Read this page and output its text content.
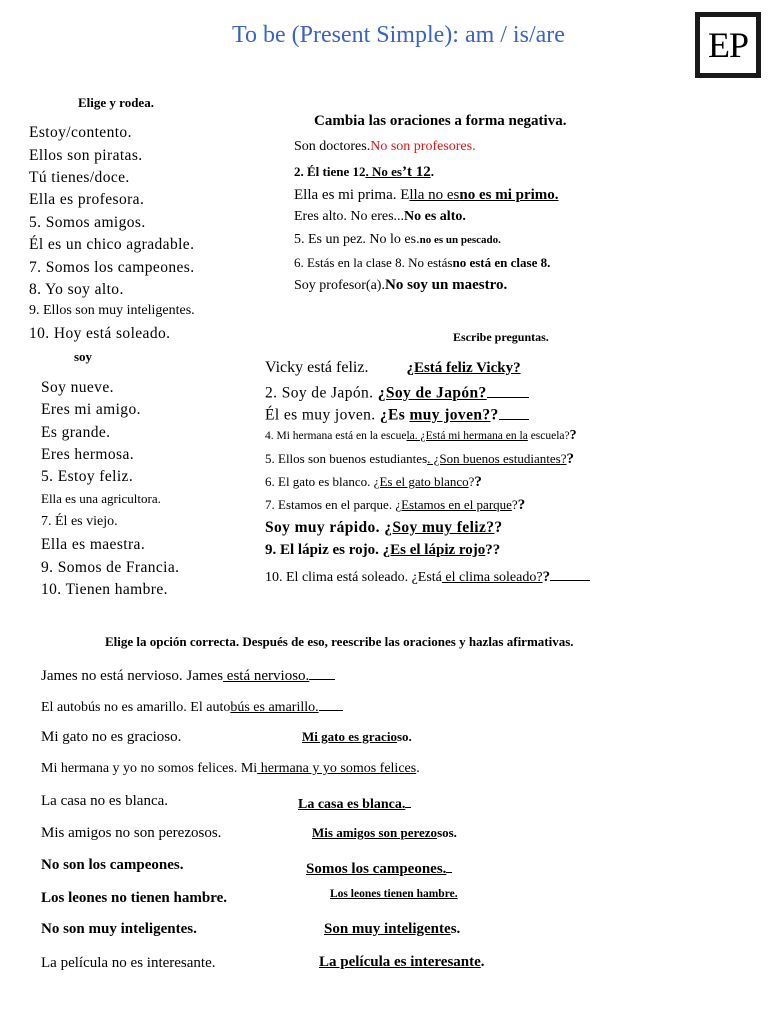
To be (Present Simple): am / is/are	EP
Elige y rodea.
Estoy/contento.
Ellos son piratas.
Tú tienes/doce.
Ella es profesora.
5. Somos amigos.
Él es un chico agradable.
7. Somos los campeones.
8. Yo soy alto.
9. Ellos son muy inteligentes.
10. Hoy está soleado.
soy
Soy nueve.
Eres mi amigo.
Es grande.
Eres hermosa.
5. Estoy feliz.
Ella es una agricultora.
7. Él es viejo.
Ella es maestra.
9. Somos de Francia.
10. Tienen hambre.
Cambia las oraciones a forma negativa.
Son doctores.No son profesores.
2. Él tiene 12. No es’t 12.
Ella es mi prima. Ella no esno es mi primo.
Eres alto. No eres...No es alto.
5. Es un pez. No lo es.no es un pescado.
6. Estás en la clase 8. No estásno está en clase 8.
Soy profesor(a).No soy un maestro.
Escribe preguntas.
Vicky está feliz.	¿Está feliz Vicky?
2. Soy de Japón. ¿Soy de Japón?
Él es muy joven. ¿Es muy joven??
4. Mi hermana está en la escuela. ¿Está mi hermana en la escuela??
5. Ellos son buenos estudiantes. ¿Son buenos estudiantes??
6. El gato es blanco. ¿Es el gato blanco??
7. Estamos en el parque. ¿Estamos en el parque??
Soy muy rápido. ¿Soy muy feliz??
9. El lápiz es rojo. ¿Es el lápiz rojo??
10. El clima está soleado. ¿Está el clima soleado??
Elige la opción correcta. Después de eso, reescribe las oraciones y hazlas afirmativas.
James no está nervioso. James está nervioso.
El autobús no es amarillo. El autobús es amarillo.
Mi gato no es gracioso.	Mi gato es gracioso.
Mi hermana y yo no somos felices. Mi hermana y yo somos felices.
La casa no es blanca.	La casa es blanca.
Mis amigos no son perezosos.	Mis amigos son perezosos.
No son los campeones.	Somos los campeones.
Los leones no tienen hambre.	Los leones tienen hambre.
No son muy inteligentes.	Son muy inteligentes.
La película no es interesante.	La película es interesante.
